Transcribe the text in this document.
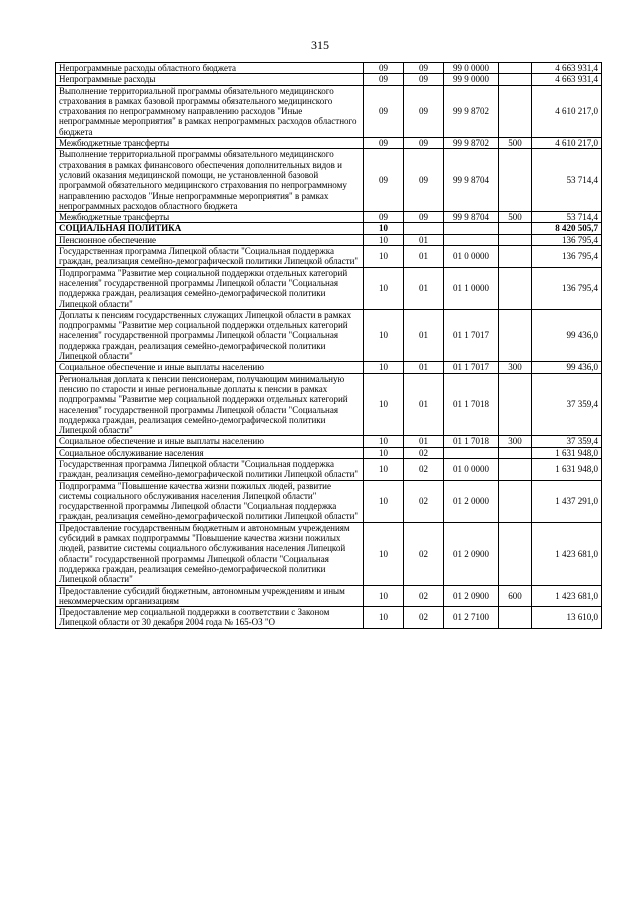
315
Непрограммные расходы областного бюджета	09	09	99 0 0000		4 663 931,4
Непрограммные расходы	09	09	99 9 0000		4 663 931,4
Выполнение территориальной программы обязательного медицинского страхования в рамках базовой программы обязательного медицинского страхования по непрограммному направлению расходов "Иные непрограммные мероприятия" в рамках непрограммных расходов областного бюджета	09	09	99 9 8702		4 610 217,0
Межбюджетные трансферты	09	09	99 9 8702	500	4 610 217,0
Выполнение территориальной программы обязательного медицинского страхования в рамках финансового обеспечения дополнительных видов и условий оказания медицинской помощи, не установленной базовой программой обязательного медицинского страхования по непрограммному направлению расходов "Иные непрограммные мероприятия" в рамках непрограммных расходов областного бюджета	09	09	99 9 8704		53 714,4
Межбюджетные трансферты	09	09	99 9 8704	500	53 714,4
СОЦИАЛЬНАЯ ПОЛИТИКА	10				8 420 505,7
Пенсионное обеспечение	10	01			136 795,4
Государственная программа Липецкой области "Социальная поддержка граждан, реализация семейно-демографической политики Липецкой области"	10	01	01 0 0000		136 795,4
Подпрограмма "Развитие мер социальной поддержки отдельных категорий населения" государственной программы Липецкой области "Социальная поддержка граждан, реализация семейно-демографической политики Липецкой области"	10	01	01 1 0000		136 795,4
Доплаты к пенсиям государственных служащих Липецкой области в рамках подпрограммы "Развитие мер социальной поддержки отдельных категорий населения" государственной программы Липецкой области "Социальная поддержка граждан, реализация семейно-демографической политики Липецкой области"	10	01	01 1 7017		99 436,0
Социальное обеспечение и иные выплаты населению	10	01	01 1 7017	300	99 436,0
Региональная доплата к пенсии пенсионерам, получающим минимальную пенсию по старости и иные региональные доплаты к пенсии в рамках подпрограммы "Развитие мер социальной поддержки отдельных категорий населения" государственной программы Липецкой области "Социальная поддержка граждан, реализация семейно-демографической политики Липецкой области"	10	01	01 1 7018		37 359,4
Социальное обеспечение и иные выплаты населению	10	01	01 1 7018	300	37 359,4
Социальное обслуживание населения	10	02			1 631 948,0
Государственная программа Липецкой области "Социальная поддержка граждан, реализация семейно-демографической политики Липецкой области"	10	02	01 0 0000		1 631 948,0
Подпрограмма "Повышение качества жизни пожилых людей, развитие системы социального обслуживания населения Липецкой области" государственной программы Липецкой области "Социальная поддержка граждан, реализация семейно-демографической политики Липецкой области"	10	02	01 2 0000		1 437 291,0
Предоставление государственным бюджетным и автономным учреждениям субсидий в рамках подпрограммы "Повышение качества жизни пожилых людей, развитие системы социального обслуживания населения Липецкой области" государственной программы Липецкой области "Социальная поддержка граждан, реализация семейно-демографической политики Липецкой области"	10	02	01 2 0900		1 423 681,0
Предоставление субсидий бюджетным, автономным учреждениям и иным некоммерческим организациям	10	02	01 2 0900	600	1 423 681,0
Предоставление мер социальной поддержки в соответствии с Законом Липецкой области от 30 декабря 2004 года № 165-ОЗ "О	10	02	01 2 7100		13 610,0
